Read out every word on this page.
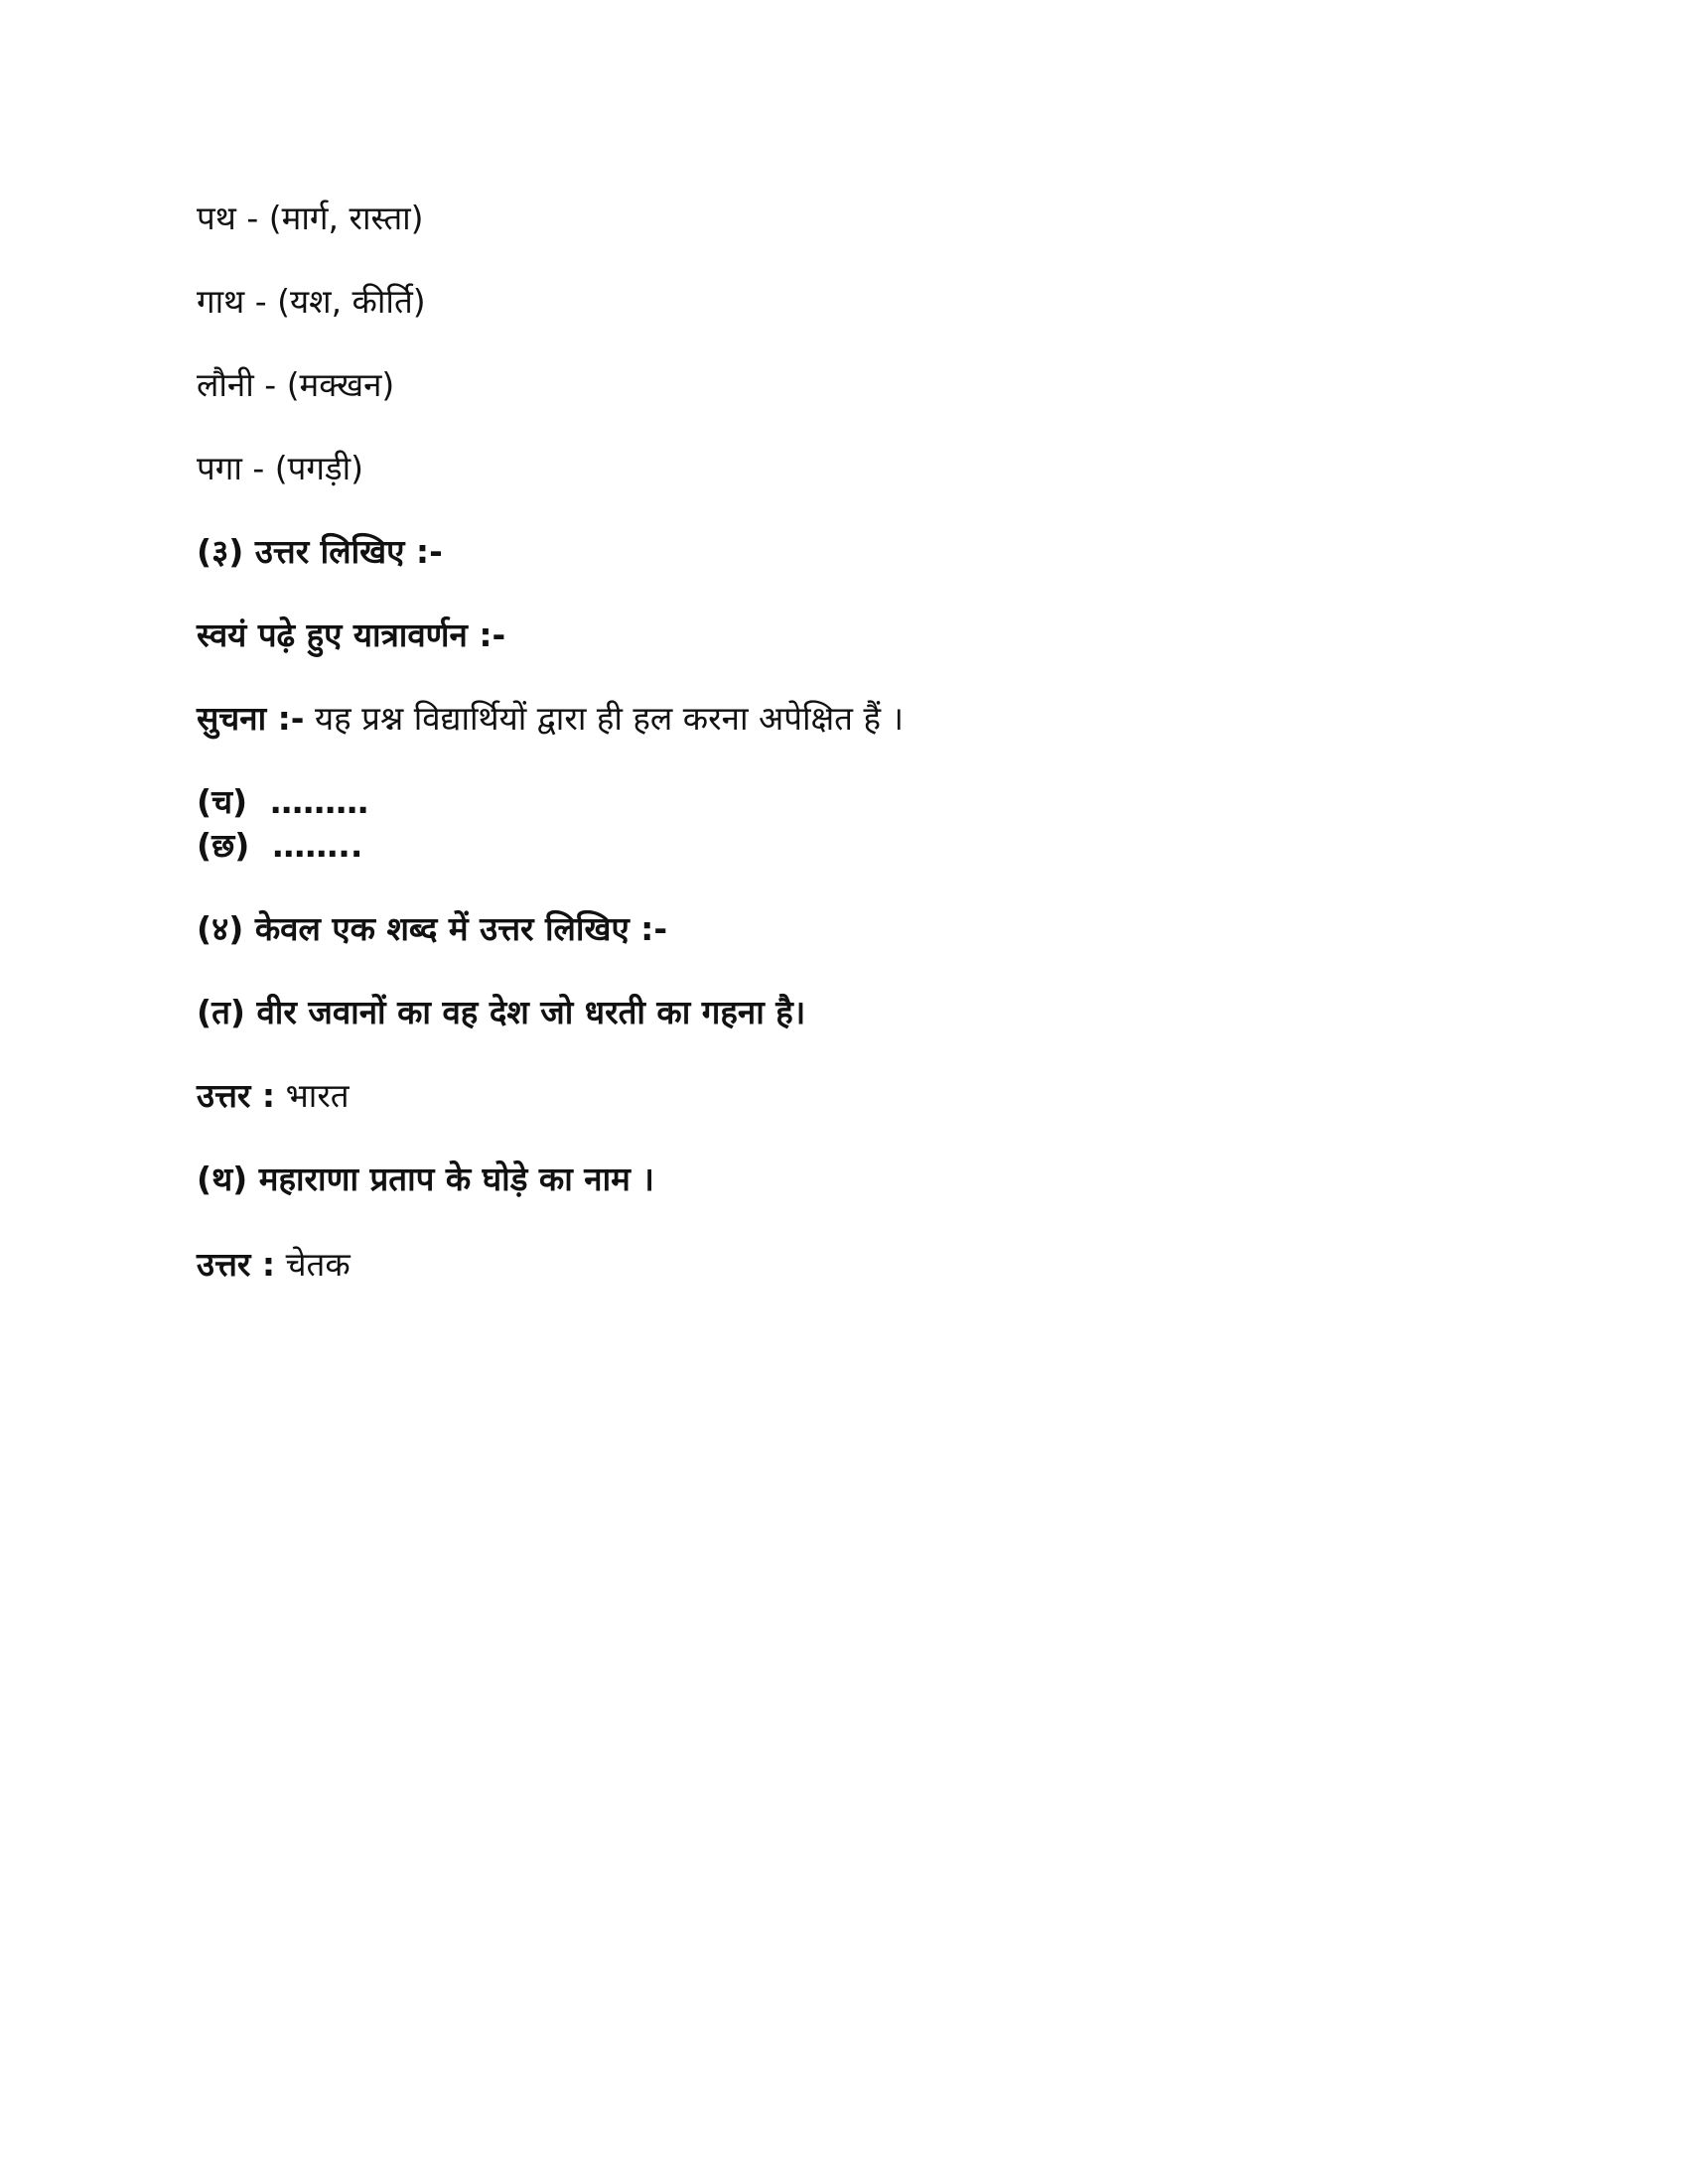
पथ - (मार्ग, रास्ता)
गाथ - (यश, कीर्ति)
लौनी - (मक्खन)
पगा - (पगड़ी)
(३) उत्तर लिखिए :-
स्वयं पढ़े हुए यात्रावर्णन :-
सुचना :- यह प्रश्न विद्यार्थियों द्वारा ही हल करना अपेक्षित हैं ।
(च) ………
(छ) ……..
(४) केवल एक शब्द में उत्तर लिखिए :-
(त) वीर जवानों का वह देश जो धरती का गहना है।
उत्तर : भारत
(थ) महाराणा प्रताप के घोड़े का नाम ।
उत्तर : चेतक
